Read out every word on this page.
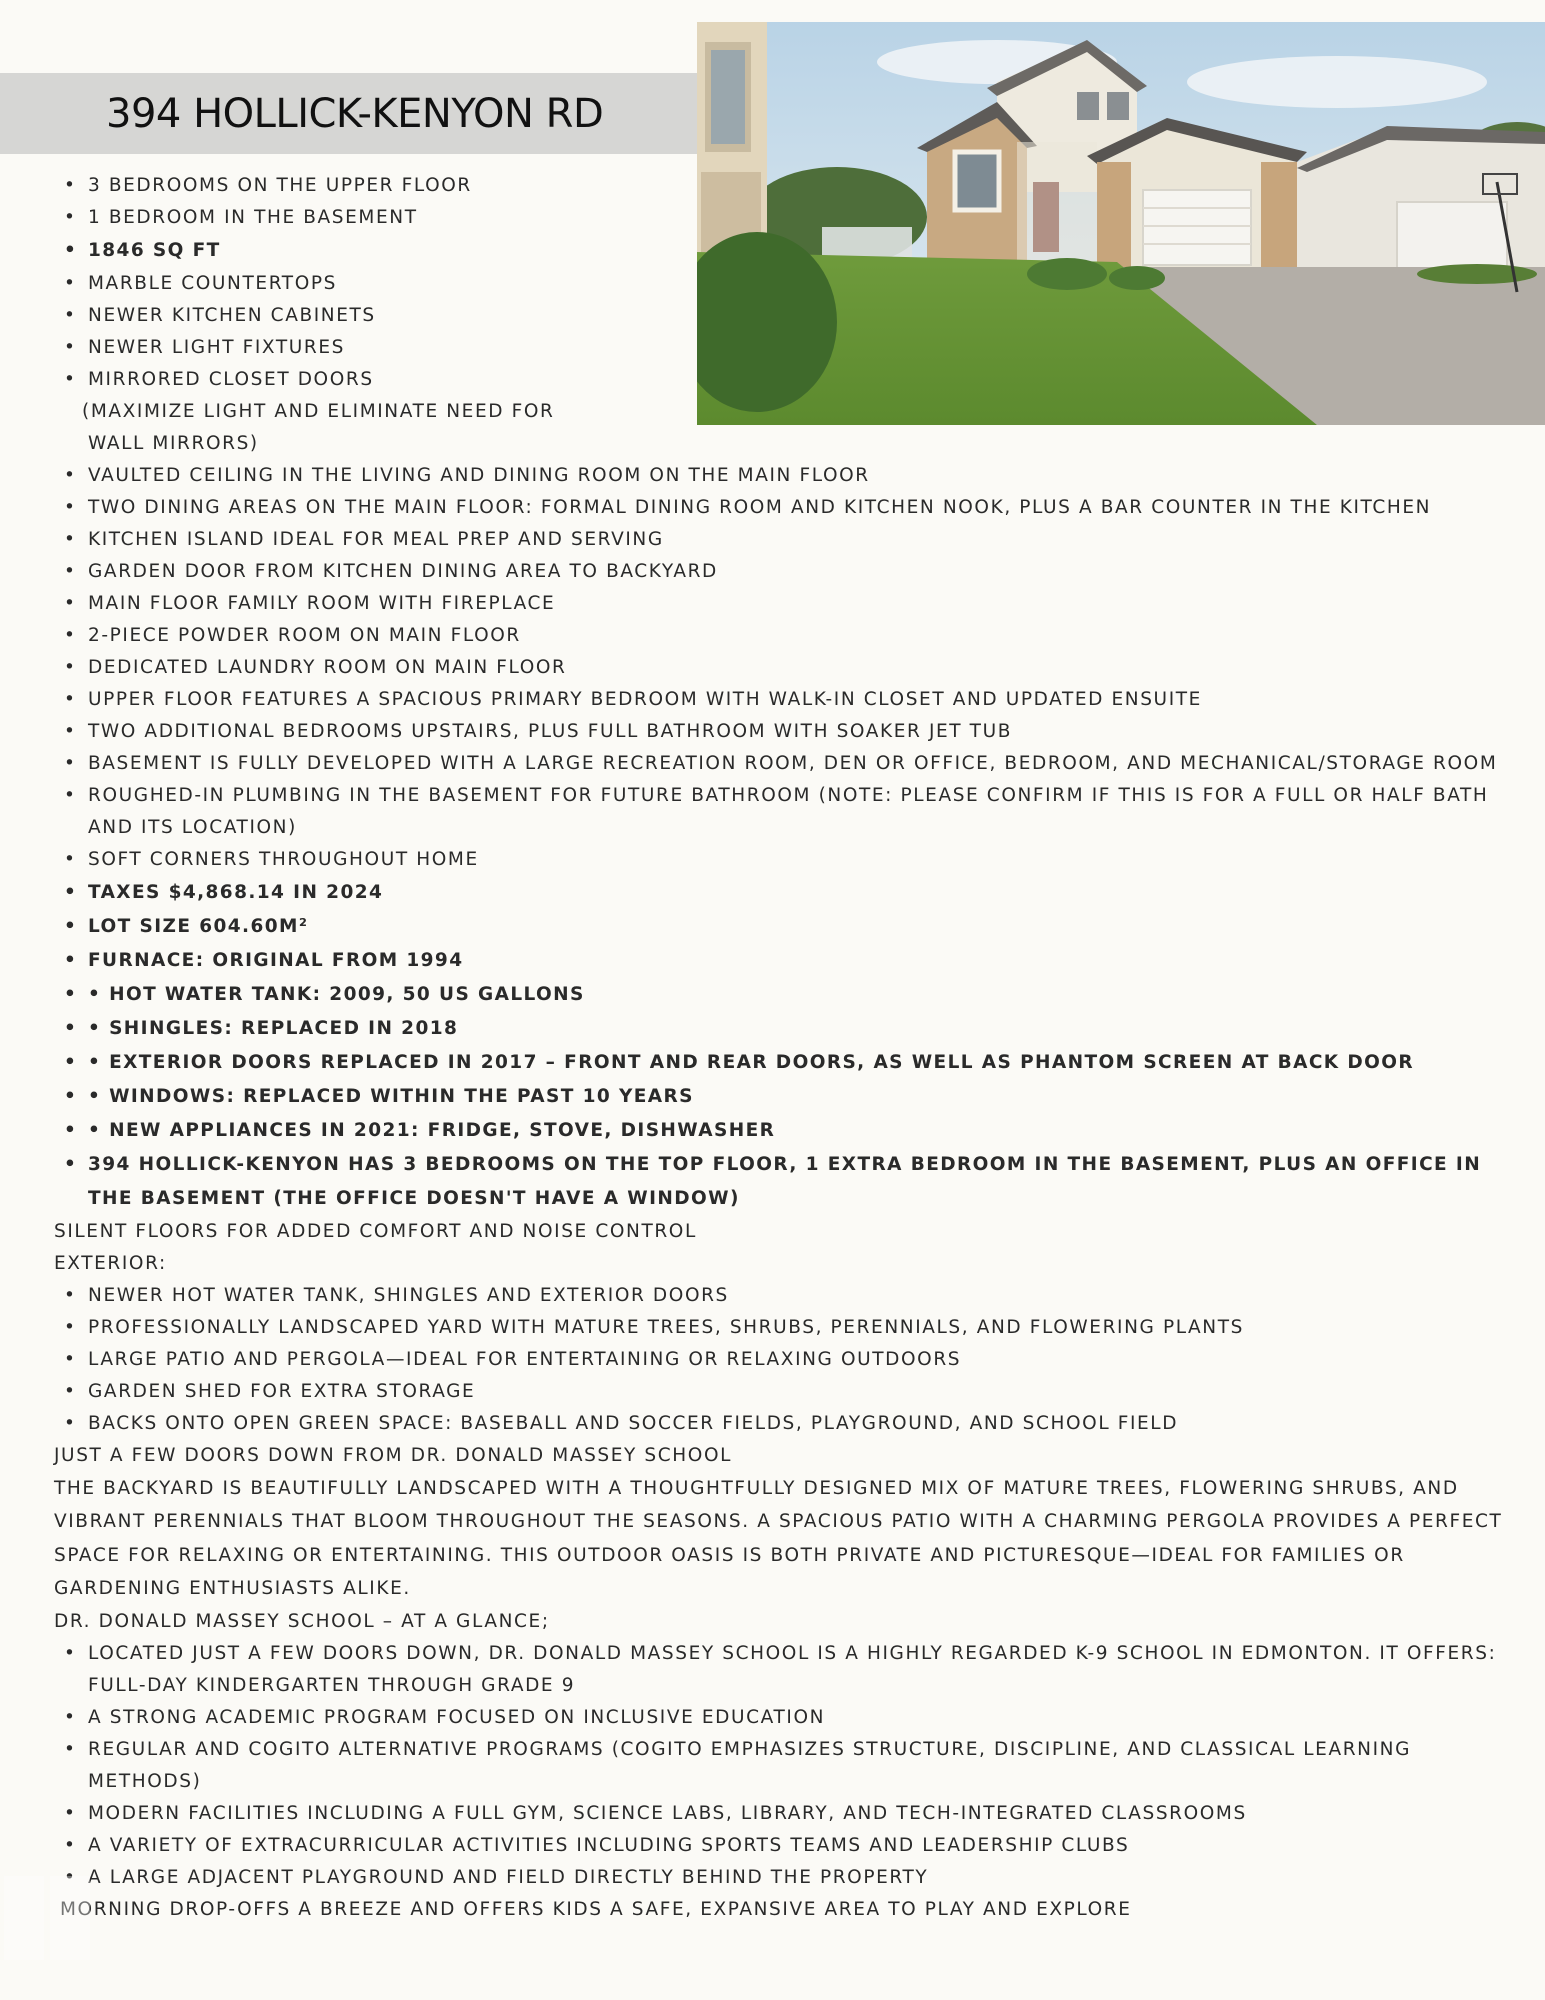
394 HOLLICK-KENYON RD
• 3 BEDROOMS ON THE UPPER FLOOR
• 1 BEDROOM IN THE BASEMENT
• 1846 SQ FT
• MARBLE COUNTERTOPS
• NEWER KITCHEN CABINETS
• NEWER LIGHT FIXTURES
• MIRRORED CLOSET DOORS
(MAXIMIZE LIGHT AND ELIMINATE NEED FOR
WALL MIRRORS)
• VAULTED CEILING IN THE LIVING AND DINING ROOM ON THE MAIN FLOOR
• TWO DINING AREAS ON THE MAIN FLOOR: FORMAL DINING ROOM AND KITCHEN NOOK, PLUS A BAR COUNTER IN THE KITCHEN
• KITCHEN ISLAND IDEAL FOR MEAL PREP AND SERVING
• GARDEN DOOR FROM KITCHEN DINING AREA TO BACKYARD
• MAIN FLOOR FAMILY ROOM WITH FIREPLACE
• 2-PIECE POWDER ROOM ON MAIN FLOOR
• DEDICATED LAUNDRY ROOM ON MAIN FLOOR
• UPPER FLOOR FEATURES A SPACIOUS PRIMARY BEDROOM WITH WALK-IN CLOSET AND UPDATED ENSUITE
• TWO ADDITIONAL BEDROOMS UPSTAIRS, PLUS FULL BATHROOM WITH SOAKER JET TUB
• BASEMENT IS FULLY DEVELOPED WITH A LARGE RECREATION ROOM, DEN OR OFFICE, BEDROOM, AND MECHANICAL/STORAGE ROOM
• ROUGHED-IN PLUMBING IN THE BASEMENT FOR FUTURE BATHROOM (NOTE: PLEASE CONFIRM IF THIS IS FOR A FULL OR HALF BATH AND ITS LOCATION)
• SOFT CORNERS THROUGHOUT HOME
• TAXES $4,868.14 IN 2024
• LOT SIZE 604.60M²
• FURNACE: ORIGINAL FROM 1994
• • HOT WATER TANK: 2009, 50 US GALLONS
• • SHINGLES: REPLACED IN 2018
• • EXTERIOR DOORS REPLACED IN 2017 – FRONT AND REAR DOORS, AS WELL AS PHANTOM SCREEN AT BACK DOOR
• • WINDOWS: REPLACED WITHIN THE PAST 10 YEARS
• • NEW APPLIANCES IN 2021: FRIDGE, STOVE, DISHWASHER
• 394 HOLLICK-KENYON HAS 3 BEDROOMS ON THE TOP FLOOR, 1 EXTRA BEDROOM IN THE BASEMENT, PLUS AN OFFICE IN THE BASEMENT (THE OFFICE DOESN'T HAVE A WINDOW)

SILENT FLOORS FOR ADDED COMFORT AND NOISE CONTROL

EXTERIOR:

• NEWER HOT WATER TANK, SHINGLES AND EXTERIOR DOORS
• PROFESSIONALLY LANDSCAPED YARD WITH MATURE TREES, SHRUBS, PERENNIALS, AND FLOWERING PLANTS
• LARGE PATIO AND PERGOLA—IDEAL FOR ENTERTAINING OR RELAXING OUTDOORS
• GARDEN SHED FOR EXTRA STORAGE
• BACKS ONTO OPEN GREEN SPACE: BASEBALL AND SOCCER FIELDS, PLAYGROUND, AND SCHOOL FIELD

JUST A FEW DOORS DOWN FROM DR. DONALD MASSEY SCHOOL

THE BACKYARD IS BEAUTIFULLY LANDSCAPED WITH A THOUGHTFULLY DESIGNED MIX OF MATURE TREES, FLOWERING SHRUBS, AND VIBRANT PERENNIALS THAT BLOOM THROUGHOUT THE SEASONS. A SPACIOUS PATIO WITH A CHARMING PERGOLA PROVIDES A PERFECT SPACE FOR RELAXING OR ENTERTAINING. THIS OUTDOOR OASIS IS BOTH PRIVATE AND PICTURESQUE—IDEAL FOR FAMILIES OR GARDENING ENTHUSIASTS ALIKE.

DR. DONALD MASSEY SCHOOL – AT A GLANCE;

• LOCATED JUST A FEW DOORS DOWN, DR. DONALD MASSEY SCHOOL IS A HIGHLY REGARDED K-9 SCHOOL IN EDMONTON. IT OFFERS: FULL-DAY KINDERGARTEN THROUGH GRADE 9
• A STRONG ACADEMIC PROGRAM FOCUSED ON INCLUSIVE EDUCATION
• REGULAR AND COGITO ALTERNATIVE PROGRAMS (COGITO EMPHASIZES STRUCTURE, DISCIPLINE, AND CLASSICAL LEARNING METHODS)
• MODERN FACILITIES INCLUDING A FULL GYM, SCIENCE LABS, LIBRARY, AND TECH-INTEGRATED CLASSROOMS
• A VARIETY OF EXTRACURRICULAR ACTIVITIES INCLUDING SPORTS TEAMS AND LEADERSHIP CLUBS
• A LARGE ADJACENT PLAYGROUND AND FIELD DIRECTLY BEHIND THE PROPERTY

MORNING DROP-OFFS A BREEZE AND OFFERS KIDS A SAFE, EXPANSIVE AREA TO PLAY AND EXPLORE
